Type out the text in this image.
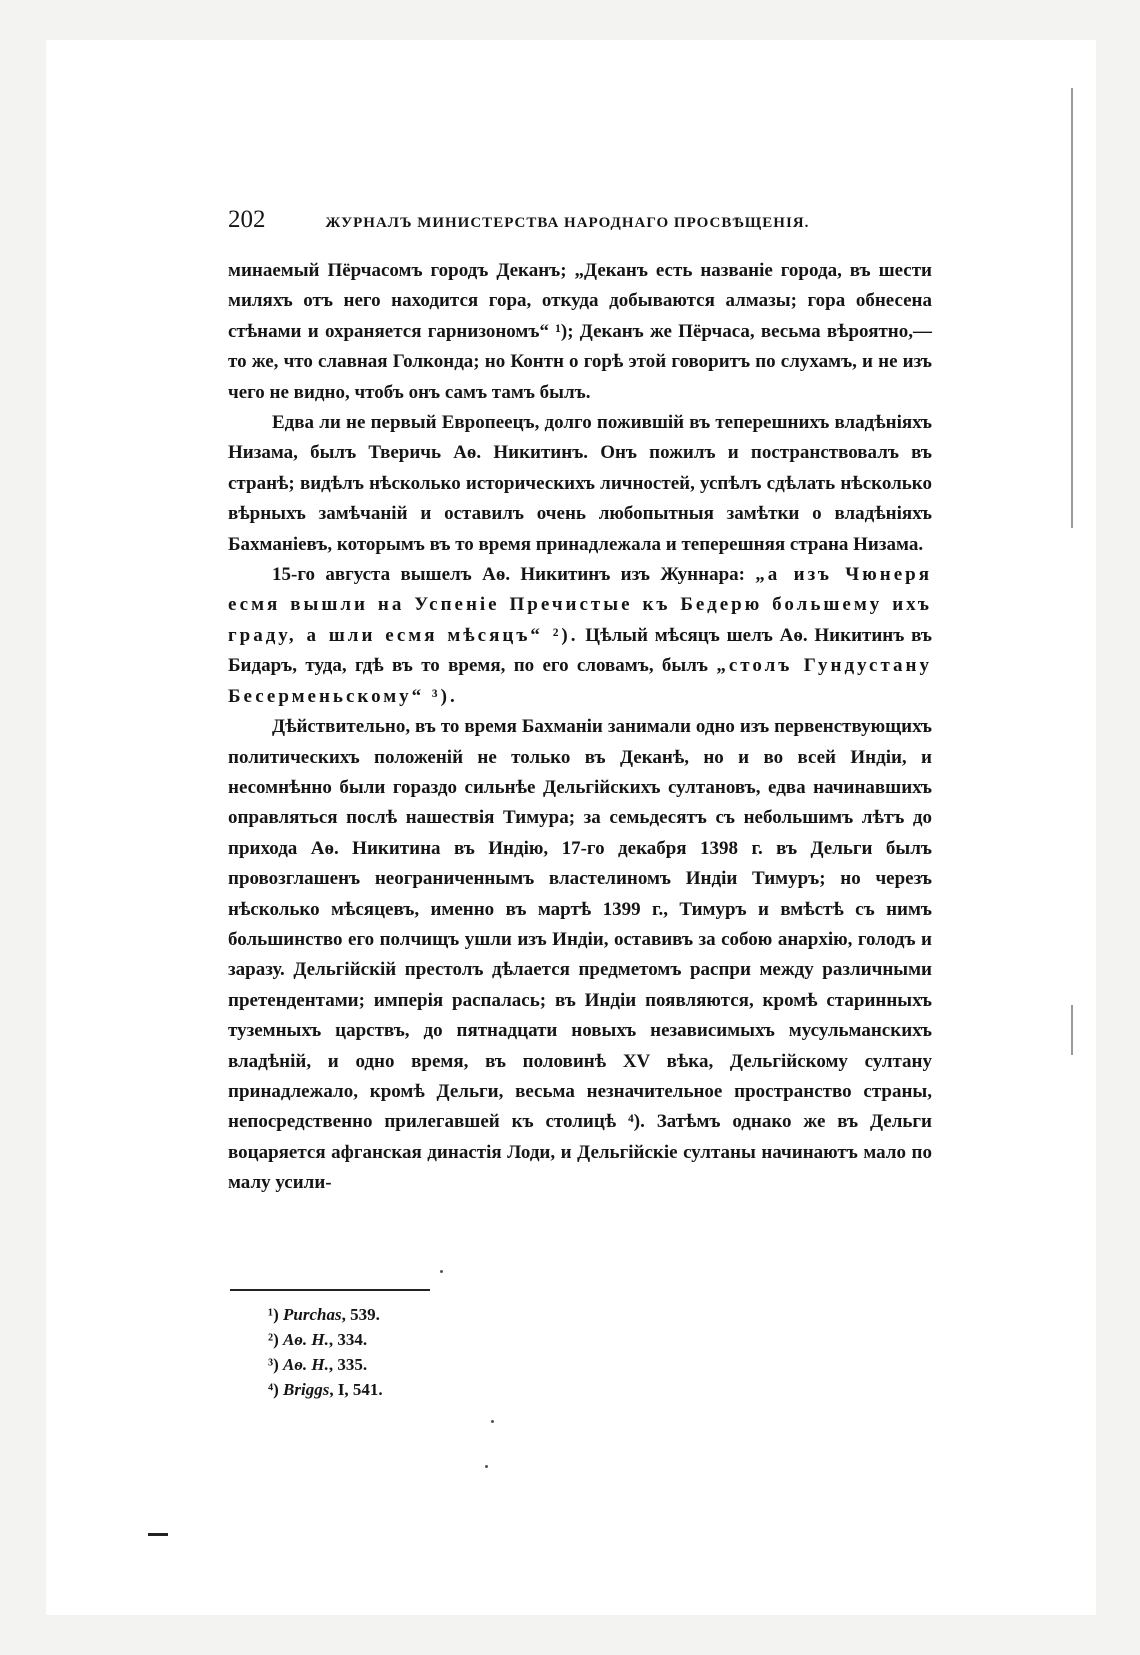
202	ЖУРНАЛЪ МИНИСТЕРСТВА НАРОДНАГО ПРОСВѢЩЕНІЯ.

минаемый Пёрчасомъ городъ Деканъ; „Деканъ есть названіе города, въ шести миляхъ отъ него находится гора, откуда добываются алмазы; гора обнесена стѣнами и охраняется гарнизономъ“ ¹); Деканъ же Пёрчаса, весьма вѣроятно,—то же, что славная Голконда; но Контн о горѣ этой говоритъ по слухамъ, и не изъ чего не видно, чтобъ онъ самъ тамъ былъ.

Едва ли не первый Европеецъ, долго пожившій въ теперешнихъ владѣніяхъ Низама, былъ Тверичь Аѳ. Никитинъ. Онъ пожилъ и постранствовалъ въ странѣ; видѣлъ нѣсколько историческихъ личностей, успѣлъ сдѣлать нѣсколько вѣрныхъ замѣчаній и оставилъ очень любопытныя замѣтки о владѣніяхъ Бахманіевъ, которымъ въ то время принадлежала и теперешняя страна Низама.

15-го августа вышелъ Аѳ. Никитинъ изъ Жуннара: „а изъ Чюнеря есмя вышли на Успеніе Пречистые къ Бедерю большему ихъ граду, а шли есмя мѣсяцъ“ ²). Цѣлый мѣсяцъ шелъ Аѳ. Никитинъ въ Бидаръ, туда, гдѣ въ то время, по его словамъ, былъ „столъ Гундустану Бесерменьскому“ ³).

Дѣйствительно, въ то время Бахманіи занимали одно изъ первенствующихъ политическихъ положеній не только въ Деканѣ, но и во всей Индіи, и несомнѣнно были гораздо сильнѣе Дельгійскихъ султановъ, едва начинавшихъ оправляться послѣ нашествія Тимура; за семьдесятъ съ небольшимъ лѣтъ до прихода Аѳ. Никитина въ Индію, 17-го декабря 1398 г. въ Дельги былъ провозглашенъ неограниченнымъ властелиномъ Индіи Тимуръ; но черезъ нѣсколько мѣсяцевъ, именно въ мартѣ 1399 г., Тимуръ и вмѣстѣ съ нимъ большинство его полчищъ ушли изъ Индіи, оставивъ за собою анархію, голодъ и заразу. Дельгійскій престолъ дѣлается предметомъ распри между различными претендентами; имперія распалась; въ Индіи появляются, кромѣ старинныхъ туземныхъ царствъ, до пятнадцати новыхъ независимыхъ мусульманскихъ владѣній, и одно время, въ половинѣ XV вѣка, Дельгійскому султану принадлежало, кромѣ Дельги, весьма незначительное пространство страны, непосредственно прилегавшей къ столицѣ ⁴). Затѣмъ однако же въ Дельги воцаряется афганская династія Лоди, и Дельгійскіе султаны начинаютъ мало по малу усили-

¹) Purchas, 539.
²) Аѳ. Н., 334.
³) Аѳ. Н., 335.
⁴) Briggs, I, 541.
